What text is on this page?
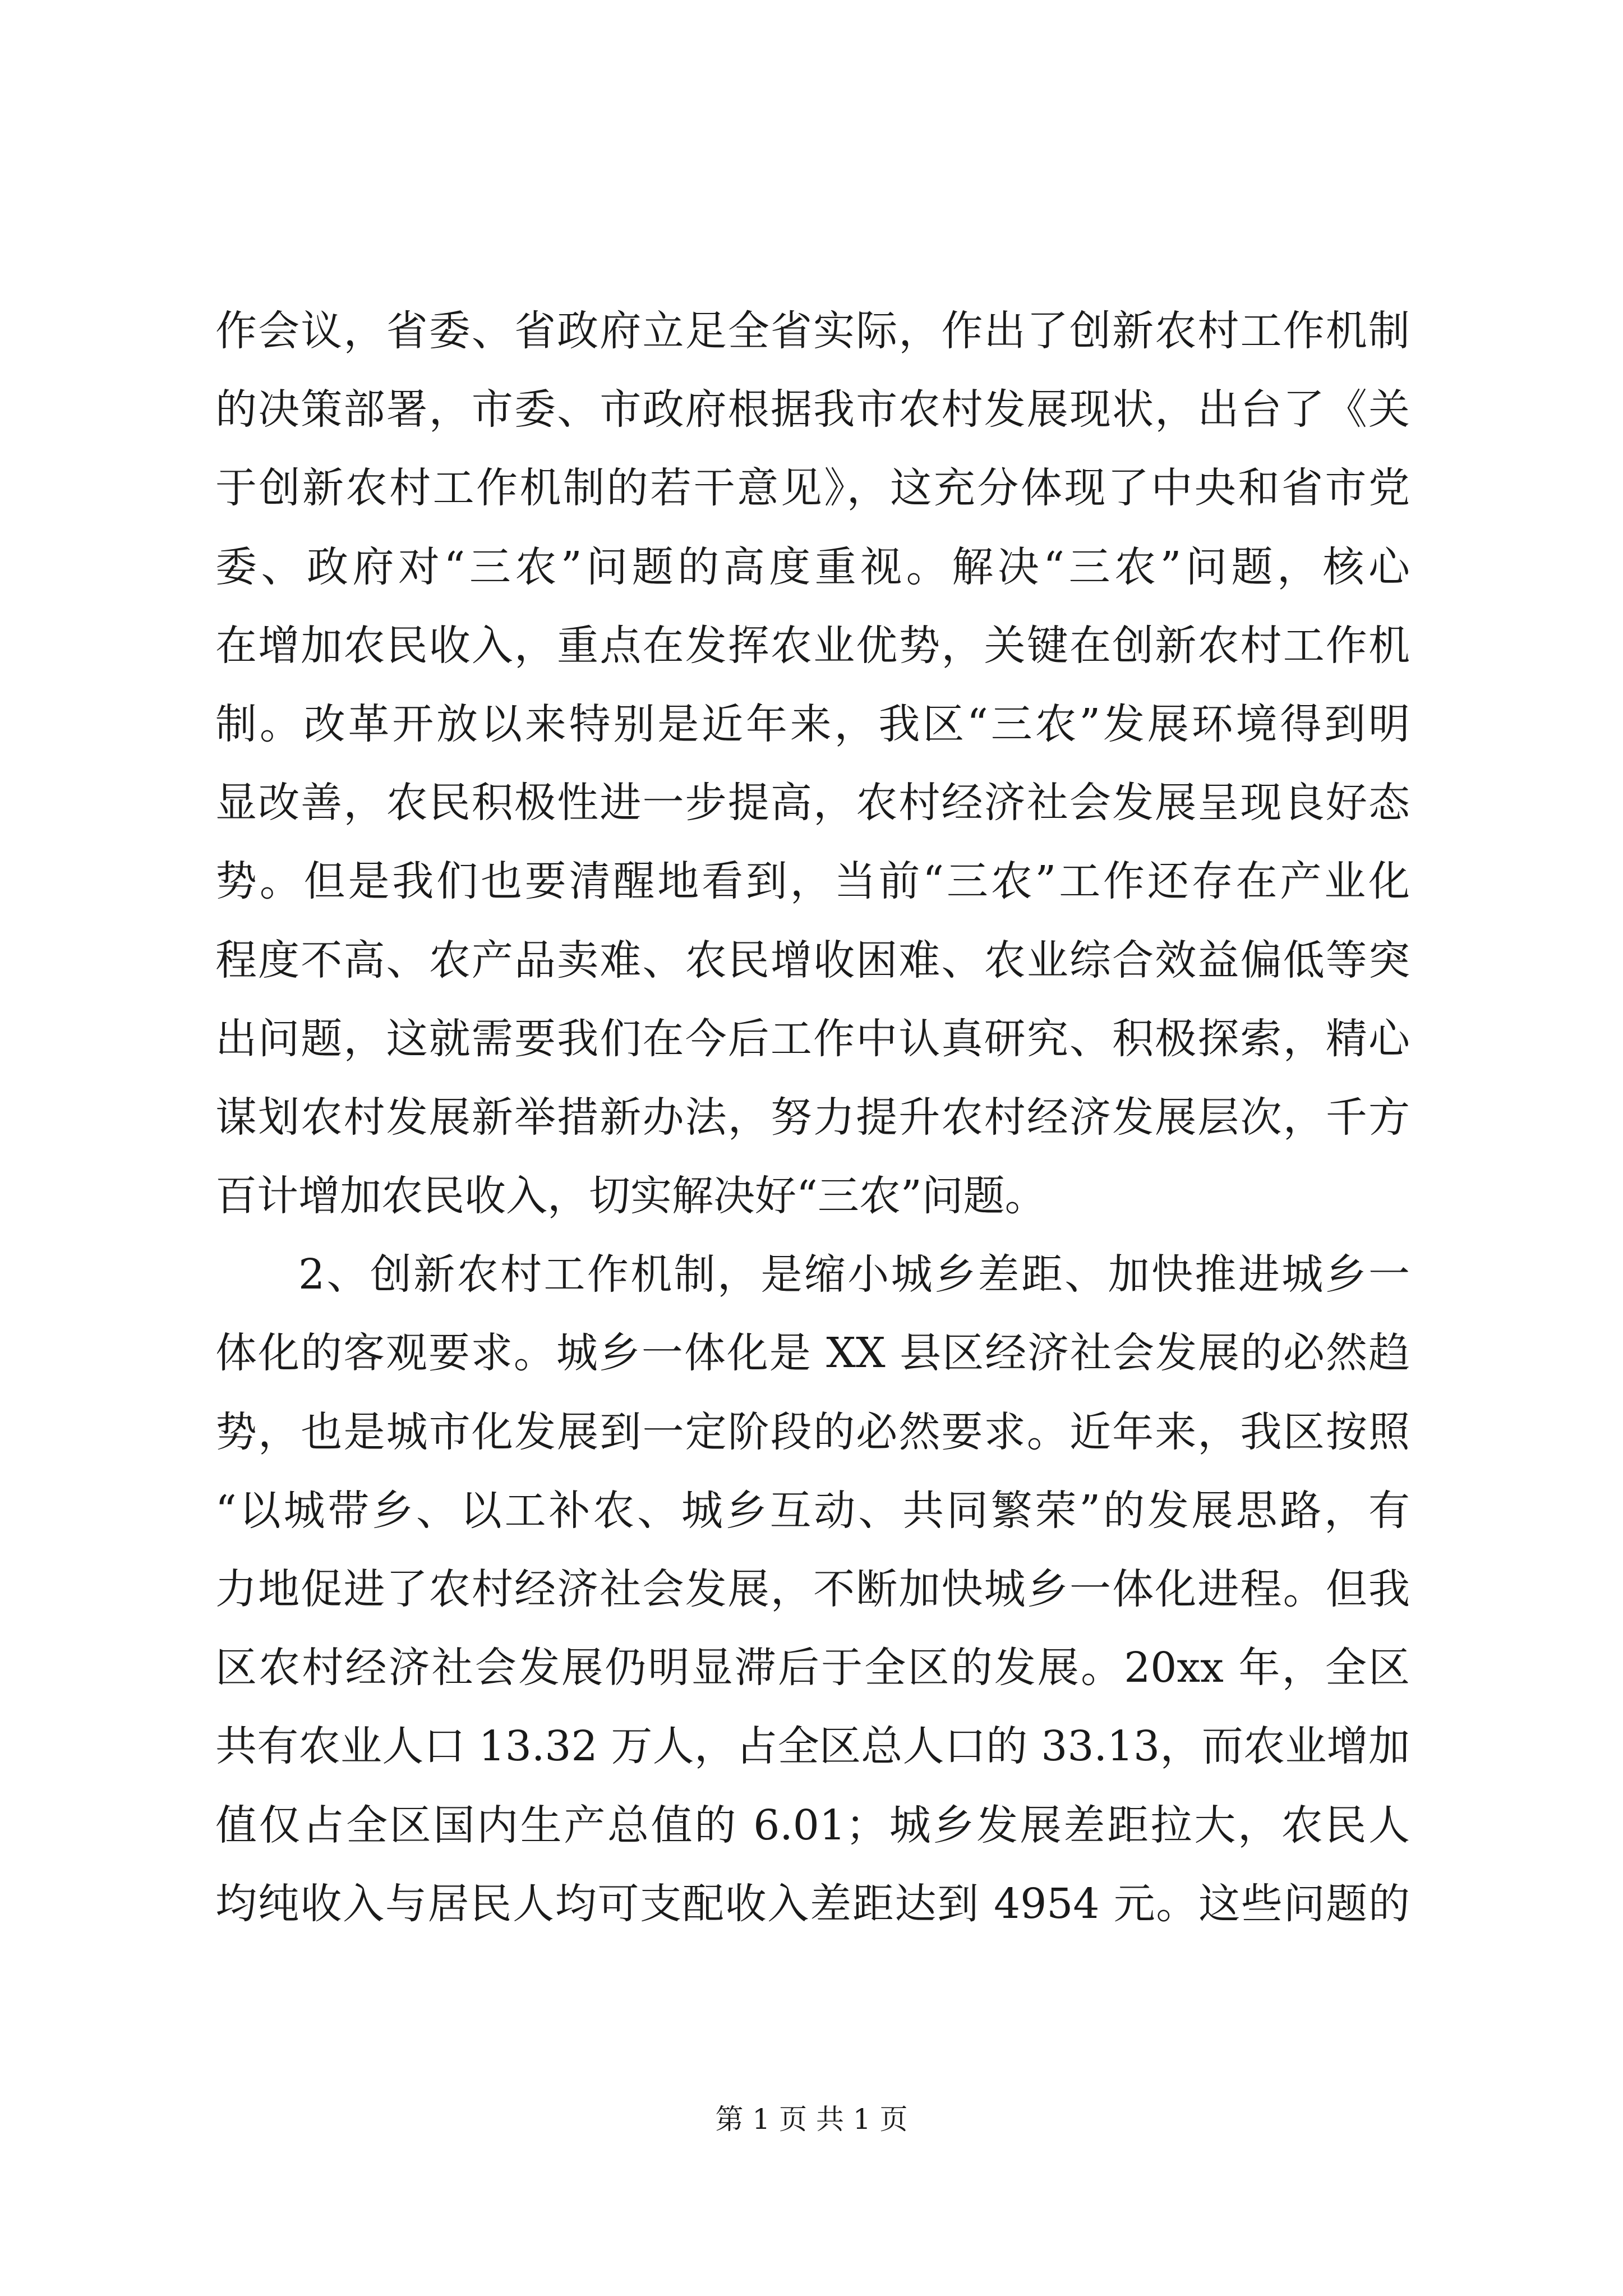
作会议，省委、省政府立足全省实际，作出了创新农村工作机制
的决策部署，市委、市政府根据我市农村发展现状，出台了《关
于创新农村工作机制的若干意见》，这充分体现了中央和省市党
委、政府对“三农”问题的高度重视。解决“三农”问题，核心
在增加农民收入，重点在发挥农业优势，关键在创新农村工作机
制。改革开放以来特别是近年来，我区“三农”发展环境得到明
显改善，农民积极性进一步提高，农村经济社会发展呈现良好态
势。但是我们也要清醒地看到，当前“三农”工作还存在产业化
程度不高、农产品卖难、农民增收困难、农业综合效益偏低等突
出问题，这就需要我们在今后工作中认真研究、积极探索，精心
谋划农村发展新举措新办法，努力提升农村经济发展层次，千方
百计增加农民收入，切实解决好“三农”问题。
2、创新农村工作机制，是缩小城乡差距、加快推进城乡一
体化的客观要求。城乡一体化是 XX 县区经济社会发展的必然趋
势，也是城市化发展到一定阶段的必然要求。近年来，我区按照
“以城带乡、以工补农、城乡互动、共同繁荣”的发展思路，有
力地促进了农村经济社会发展，不断加快城乡一体化进程。但我
区农村经济社会发展仍明显滞后于全区的发展。20xx 年，全区
共有农业人口 13.32 万人，占全区总人口的 33.13，而农业增加
值仅占全区国内生产总值的 6.01；城乡发展差距拉大，农民人
均纯收入与居民人均可支配收入差距达到 4954 元。这些问题的
第 1 页 共 1 页
